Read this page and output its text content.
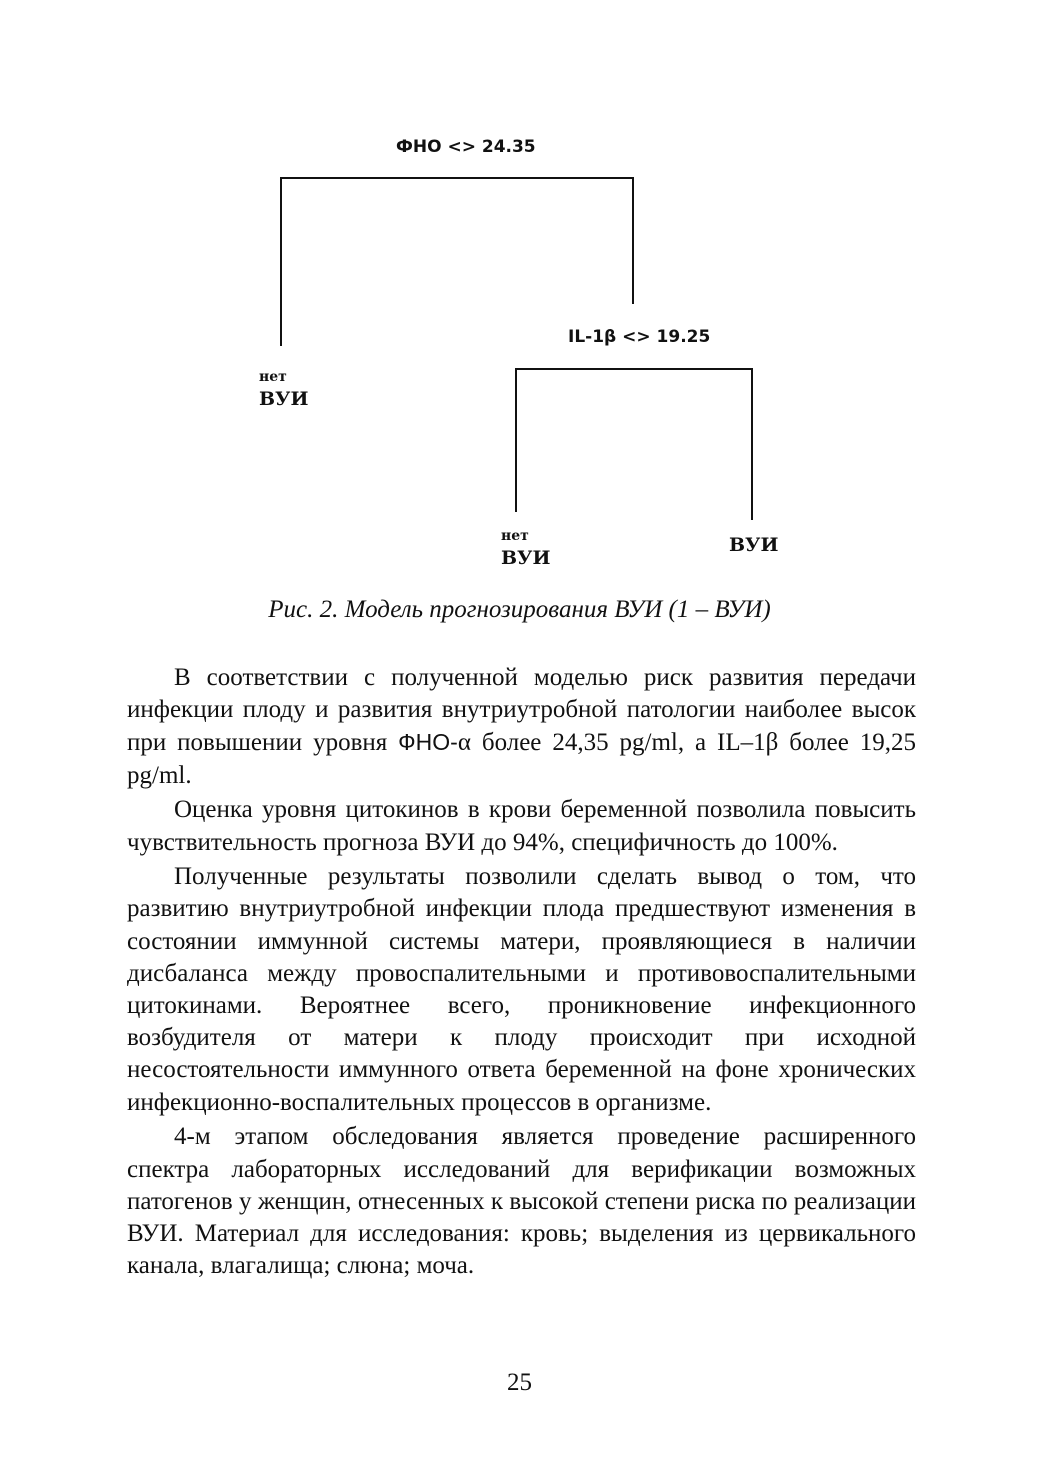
ФНО <> 24.35
IL-1β <> 19.25
нет
ВУИ
нет
ВУИ
ВУИ
Рис. 2. Модель прогнозирования ВУИ (1 – ВУИ)

В соответствии с полученной моделью риск развития передачи инфекции плоду и развития внутриутробной патологии наиболее высок при повышении уровня ФНО-α более 24,35 pg/ml, а IL–1β более 19,25 pg/ml.

Оценка уровня цитокинов в крови беременной позволила повысить чувствительность прогноза ВУИ до 94%, специфичность до 100%.

Полученные результаты позволили сделать вывод о том, что развитию внутриутробной инфекции плода предшествуют изменения в состоянии иммунной системы матери, проявляющиеся в наличии дисбаланса между провоспалительными и противовоспалительными цитокинами. Вероятнее всего, проникновение инфекционного возбудителя от матери к плоду происходит при исходной несостоятельности иммунного ответа беременной на фоне хронических инфекционно-воспалительных процессов в организме.

4-м этапом обследования является проведение расширенного спектра лабораторных исследований для верификации возможных патогенов у женщин, отнесенных к высокой степени риска по реализации ВУИ. Материал для исследования: кровь; выделения из цервикального канала, влагалища; слюна; моча.

25
